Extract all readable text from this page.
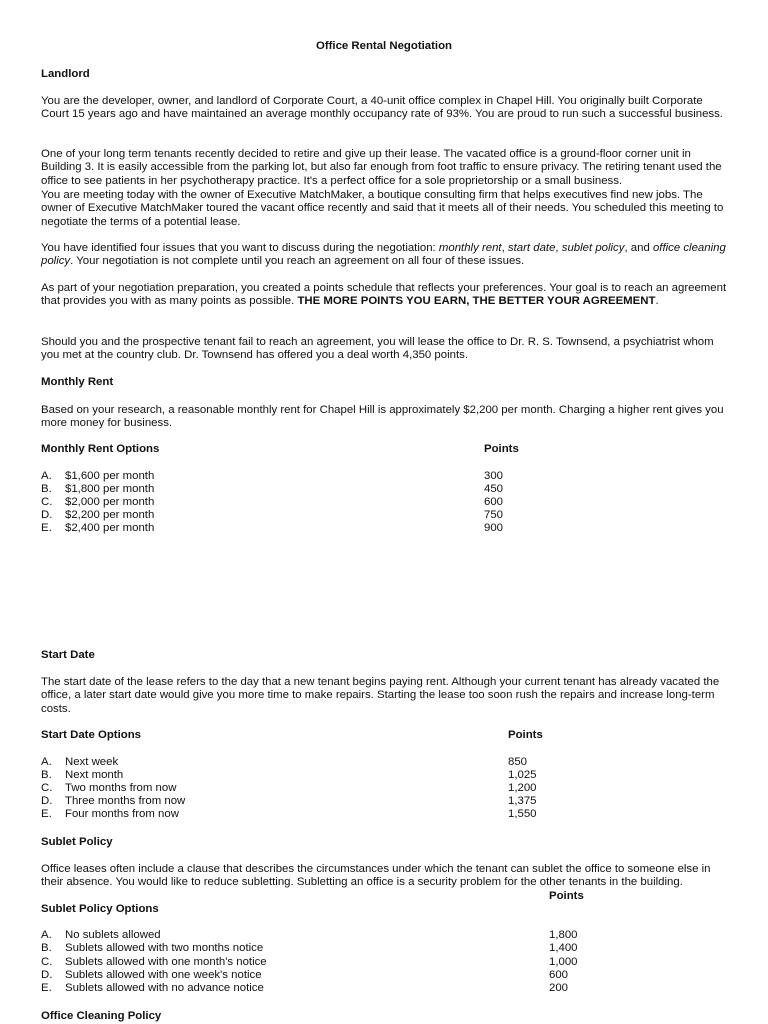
Office Rental Negotiation
Landlord
You are the developer, owner, and landlord of Corporate Court, a 40-unit office complex in Chapel Hill. You originally built Corporate Court 15 years ago and have maintained an average monthly occupancy rate of 93%. You are proud to run such a successful business.
One of your long term tenants recently decided to retire and give up their lease. The vacated office is a ground-floor corner unit in Building 3. It is easily accessible from the parking lot, but also far enough from foot traffic to ensure privacy. The retiring tenant used the office to see patients in her psychotherapy practice. It's a perfect office for a sole proprietorship or a small business.
You are meeting today with the owner of Executive MatchMaker, a boutique consulting firm that helps executives find new jobs. The owner of Executive MatchMaker toured the vacant office recently and said that it meets all of their needs. You scheduled this meeting to negotiate the terms of a potential lease.
You have identified four issues that you want to discuss during the negotiation: monthly rent, start date, sublet policy, and office cleaning policy. Your negotiation is not complete until you reach an agreement on all four of these issues.
As part of your negotiation preparation, you created a points schedule that reflects your preferences. Your goal is to reach an agreement that provides you with as many points as possible. THE MORE POINTS YOU EARN, THE BETTER YOUR AGREEMENT.
Should you and the prospective tenant fail to reach an agreement, you will lease the office to Dr. R. S. Townsend, a psychiatrist whom you met at the country club. Dr. Townsend has offered you a deal worth 4,350 points.
Monthly Rent
Based on your research, a reasonable monthly rent for Chapel Hill is approximately $2,200 per month. Charging a higher rent gives you more money for business.
Monthly Rent Options	Points
A. $1,600 per month	300
B. $1,800 per month	450
C. $2,000 per month	600
D. $2,200 per month	750
E. $2,400 per month	900
Start Date
The start date of the lease refers to the day that a new tenant begins paying rent. Although your current tenant has already vacated the office, a later start date would give you more time to make repairs. Starting the lease too soon rush the repairs and increase long-term costs.
Start Date Options	Points
A. Next week	850
B. Next month	1,025
C. Two months from now	1,200
D. Three months from now	1,375
E. Four months from now	1,550
Sublet Policy
Office leases often include a clause that describes the circumstances under which the tenant can sublet the office to someone else in their absence. You would like to reduce subletting. Subletting an office is a security problem for the other tenants in the building.
Points
Sublet Policy Options
A. No sublets allowed	1,800
B. Sublets allowed with two months notice	1,400
C. Sublets allowed with one month's notice	1,000
D. Sublets allowed with one week's notice	600
E. Sublets allowed with no advance notice	200
Office Cleaning Policy
